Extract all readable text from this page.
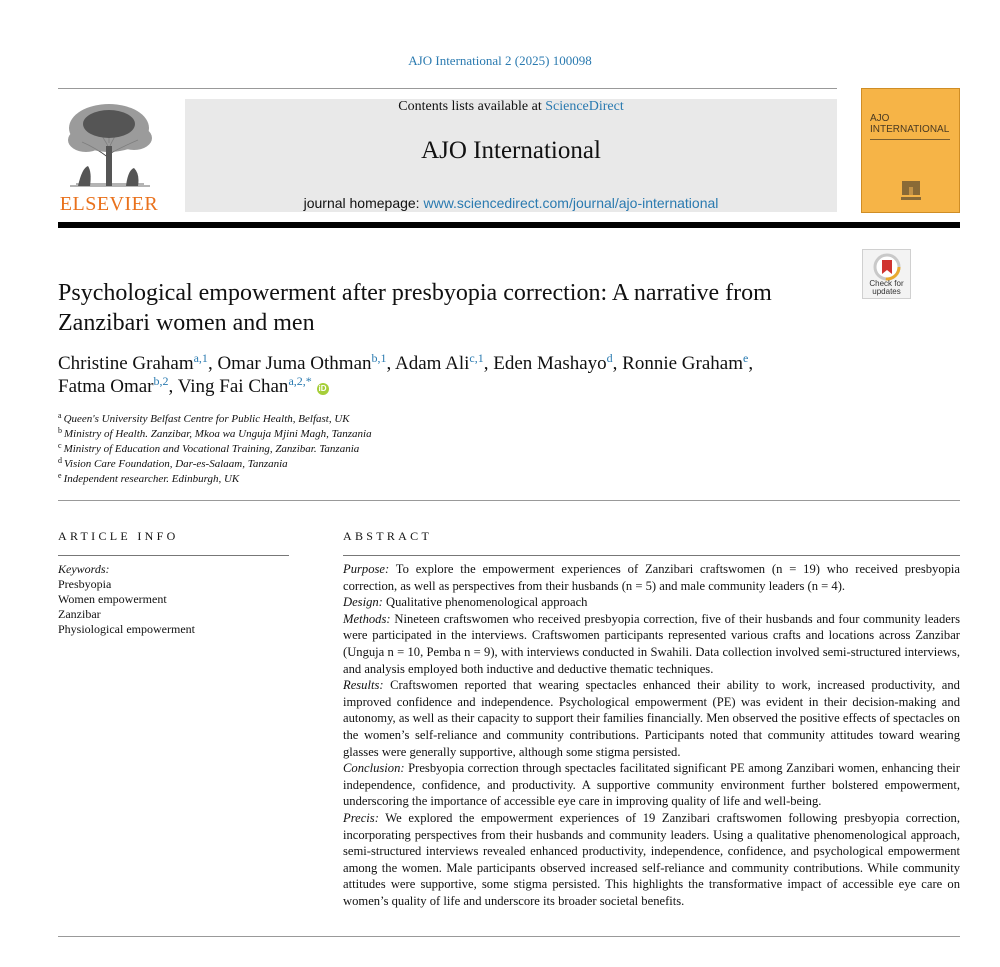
AJO International 2 (2025) 100098
ELSEVIER
Contents lists available at ScienceDirect
AJO International
journal homepage: www.sciencedirect.com/journal/ajo-international
AJO
INTERNATIONAL
Check for
updates
Psychological empowerment after presbyopia correction: A narrative from Zanzibari women and men
Christine Graham$^{a,1}$, Omar Juma Othman$^{b,1}$, Adam Ali$^{c,1}$, Eden Mashayo$^d$, Ronnie Graham$^e$,
Fatma Omar$^{b,2}$, Ving Fai Chan$^{a,2,*}$ iD
$^a$ Queen's University Belfast Centre for Public Health, Belfast, UK
$^b$ Ministry of Health. Zanzibar, Mkoa wa Unguja Mjini Magh, Tanzania
$^c$ Ministry of Education and Vocational Training, Zanzibar. Tanzania
$^d$ Vision Care Foundation, Dar-es-Salaam, Tanzania
$^e$ Independent researcher. Edinburgh, UK
ARTICLE INFO
Keywords:
Presbyopia
Women empowerment
Zanzibar
Physiological empowerment
ABSTRACT

Purpose: To explore the empowerment experiences of Zanzibari craftswomen (n = 19) who received presbyopia correction, as well as perspectives from their husbands (n = 5) and male community leaders (n = 4).

Design: Qualitative phenomenological approach

Methods: Nineteen craftswomen who received presbyopia correction, five of their husbands and four community leaders were participated in the interviews. Craftswomen participants represented various crafts and locations across Zanzibar (Unguja n = 10, Pemba n = 9), with interviews conducted in Swahili. Data collection involved semi-structured interviews, and analysis employed both inductive and deductive thematic techniques.

Results: Craftswomen reported that wearing spectacles enhanced their ability to work, increased productivity, and improved confidence and independence. Psychological empowerment (PE) was evident in their decision-making and autonomy, as well as their capacity to support their families financially. Men observed the positive effects of spectacles on the women’s self-reliance and community contributions. Participants noted that community attitudes toward wearing glasses were generally supportive, although some stigma persisted.

Conclusion: Presbyopia correction through spectacles facilitated significant PE among Zanzibari women, enhancing their independence, confidence, and productivity. A supportive community environment further bolstered empowerment, underscoring the importance of accessible eye care in improving quality of life and well-being.

Precis: We explored the empowerment experiences of 19 Zanzibari craftswomen following presbyopia correction, incorporating perspectives from their husbands and community leaders. Using a qualitative phenomenological approach, semi-structured interviews revealed enhanced productivity, independence, confidence, and psychological empowerment among the women. Male participants observed increased self-reliance and community contributions. While community attitudes were supportive, some stigma persisted. This highlights the transformative impact of accessible eye care on women’s quality of life and underscore its broader societal benefits.
